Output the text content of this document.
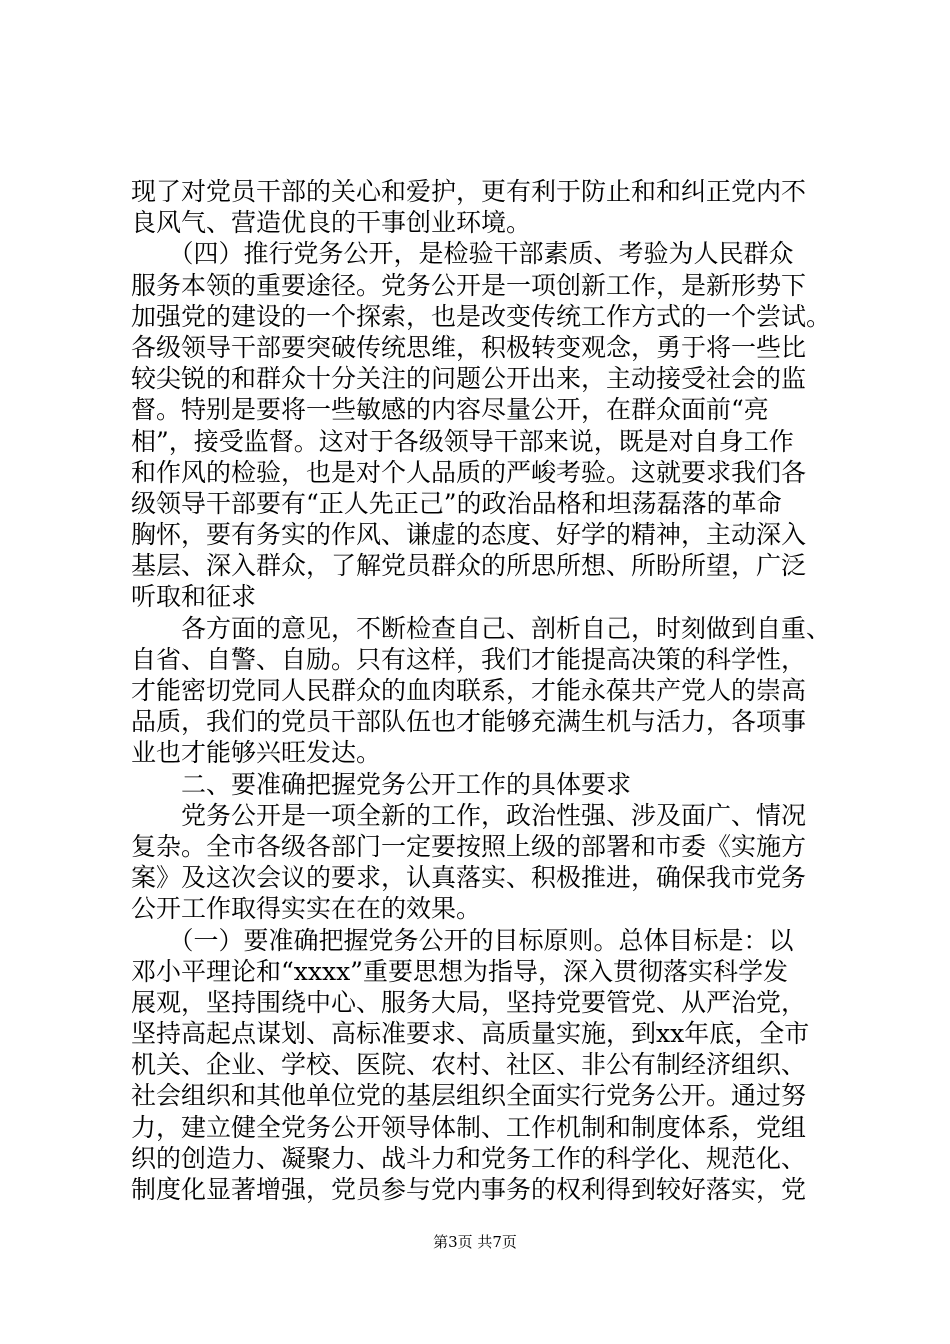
现了对党员干部的关心和爱护，更有利于防止和和纠正党内不
良风气、营造优良的干事创业环境。
　　（四）推行党务公开，是检验干部素质、考验为人民群众
服务本领的重要途径。党务公开是一项创新工作，是新形势下
加强党的建设的一个探索，也是改变传统工作方式的一个尝试。
各级领导干部要突破传统思维，积极转变观念，勇于将一些比
较尖锐的和群众十分关注的问题公开出来，主动接受社会的监
督。特别是要将一些敏感的内容尽量公开，在群众面前“亮
相”，接受监督。这对于各级领导干部来说，既是对自身工作
和作风的检验，也是对个人品质的严峻考验。这就要求我们各
级领导干部要有“正人先正己”的政治品格和坦荡磊落的革命
胸怀，要有务实的作风、谦虚的态度、好学的精神，主动深入
基层、深入群众，了解党员群众的所思所想、所盼所望，广泛
听取和征求
　　各方面的意见，不断检查自己、剖析自己，时刻做到自重、
自省、自警、自励。只有这样，我们才能提高决策的科学性，
才能密切党同人民群众的血肉联系，才能永葆共产党人的崇高
品质，我们的党员干部队伍也才能够充满生机与活力，各项事
业也才能够兴旺发达。
　　二、要准确把握党务公开工作的具体要求
　　党务公开是一项全新的工作，政治性强、涉及面广、情况
复杂。全市各级各部门一定要按照上级的部署和市委《实施方
案》及这次会议的要求，认真落实、积极推进，确保我市党务
公开工作取得实实在在的效果。
　　（一）要准确把握党务公开的目标原则。总体目标是：以
邓小平理论和“xxxx”重要思想为指导，深入贯彻落实科学发
展观，坚持围绕中心、服务大局，坚持党要管党、从严治党，
坚持高起点谋划、高标准要求、高质量实施，到xx年底，全市
机关、企业、学校、医院、农村、社区、非公有制经济组织、
社会组织和其他单位党的基层组织全面实行党务公开。通过努
力，建立健全党务公开领导体制、工作机制和制度体系，党组
织的创造力、凝聚力、战斗力和党务工作的科学化、规范化、
制度化显著增强，党员参与党内事务的权利得到较好落实，党
第3页 共7页
